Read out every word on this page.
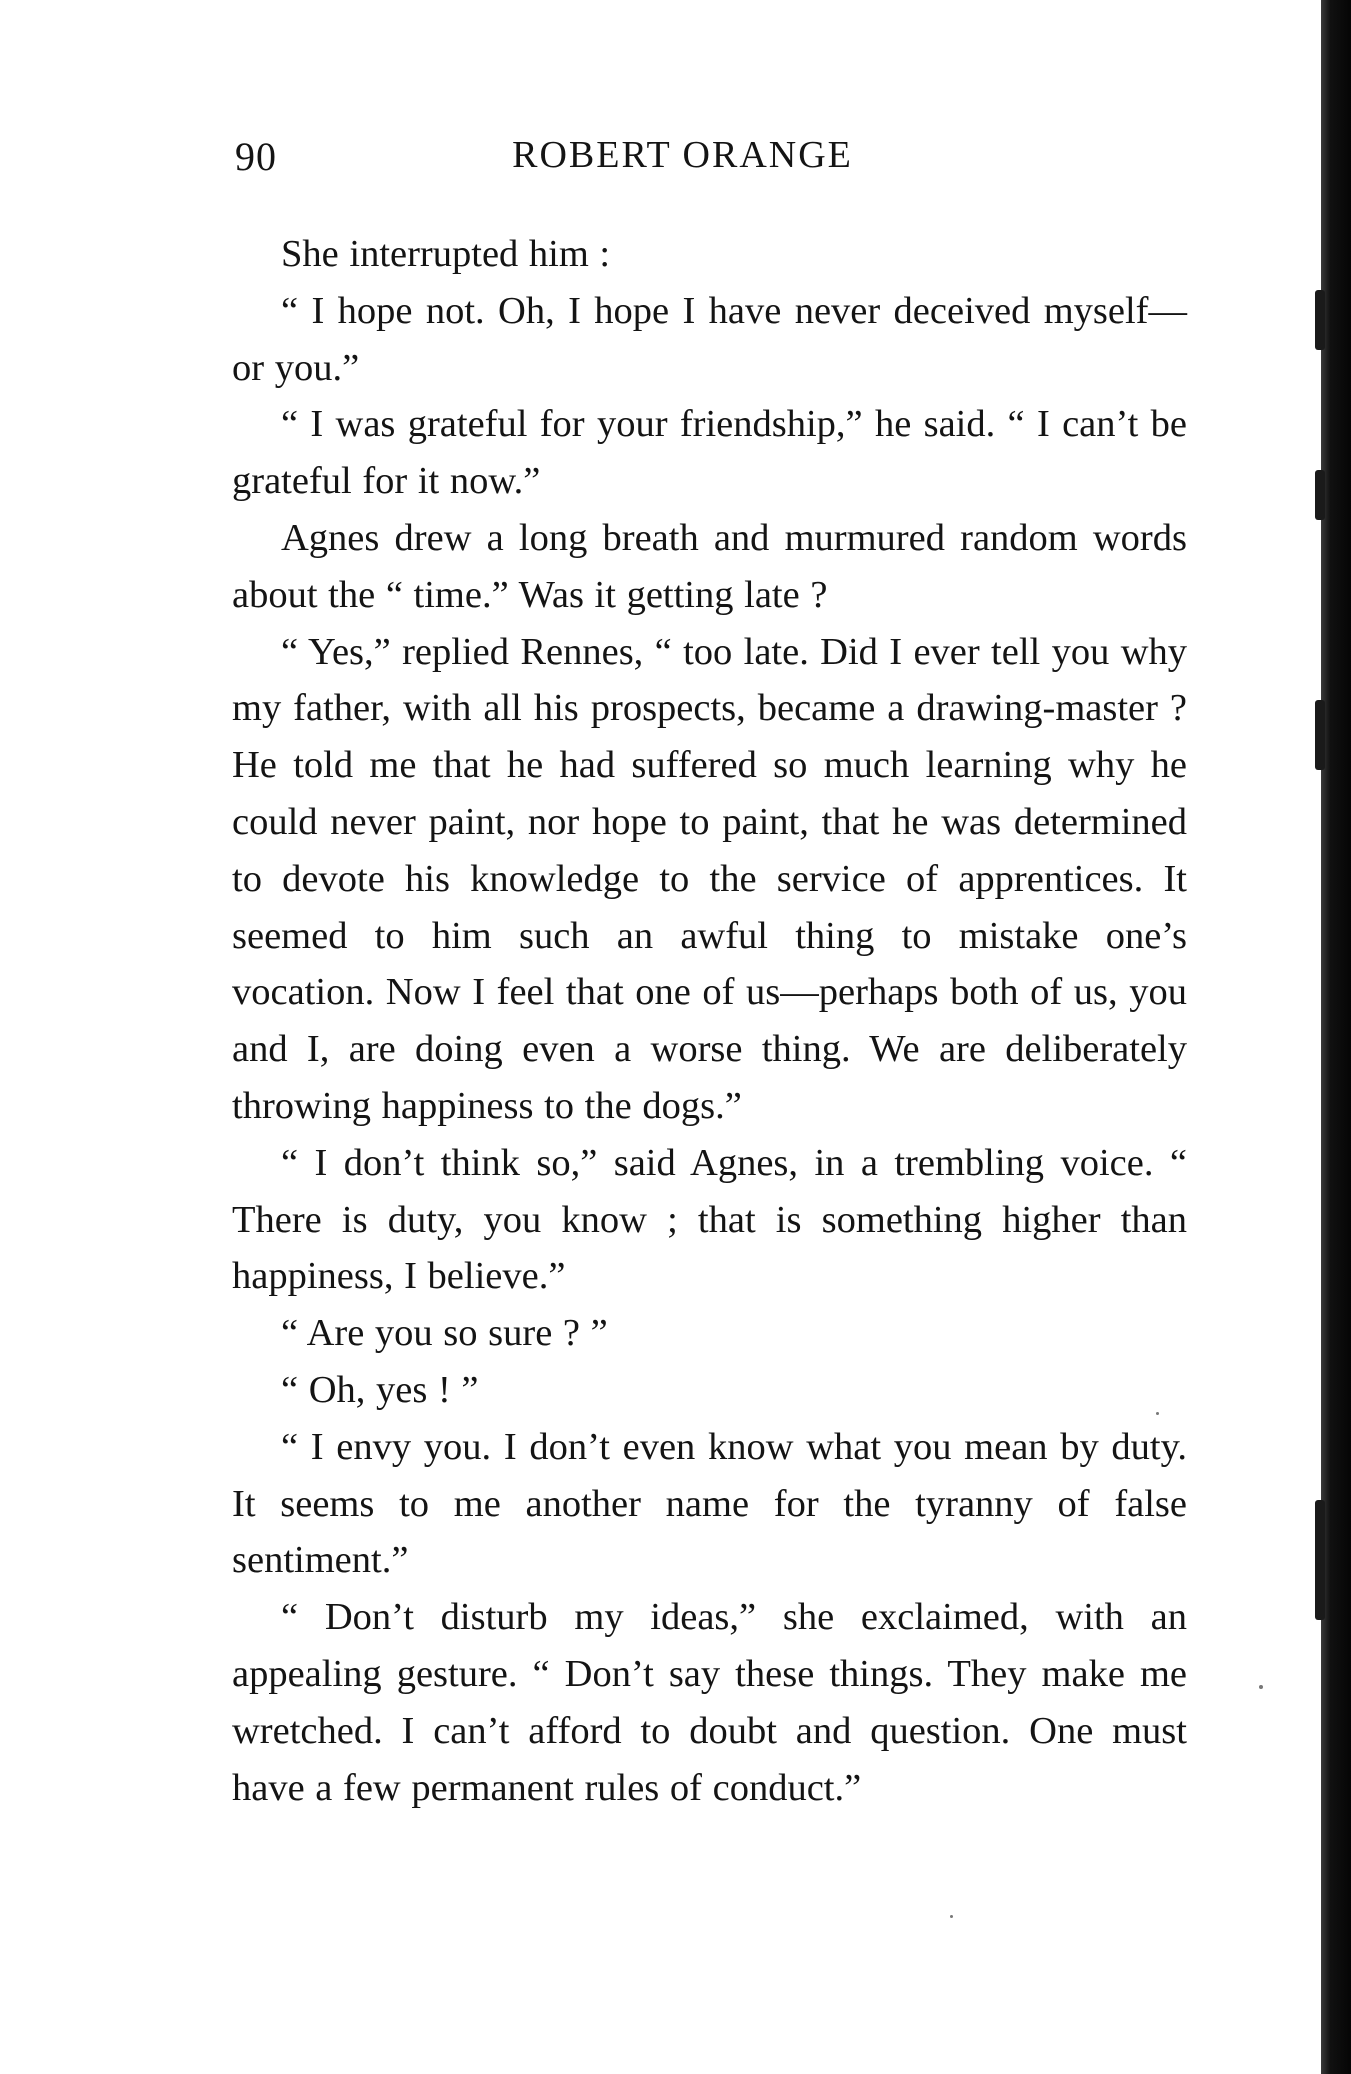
90	ROBERT ORANGE

She interrupted him :

“ I hope not. Oh, I hope I have never deceived myself—or you.”

“ I was grateful for your friendship,” he said. “ I can’t be grateful for it now.”

Agnes drew a long breath and murmured random words about the “ time.” Was it getting late ?

“ Yes,” replied Rennes, “ too late. Did I ever tell you why my father, with all his prospects, became a drawing-master ? He told me that he had suffered so much learning why he could never paint, nor hope to paint, that he was determined to devote his knowledge to the service of apprentices. It seemed to him such an awful thing to mistake one’s vocation. Now I feel that one of us—perhaps both of us, you and I, are doing even a worse thing. We are deliberately throwing happiness to the dogs.”

“ I don’t think so,” said Agnes, in a trembling voice. “ There is duty, you know ; that is something higher than happiness, I believe.”

“ Are you so sure ? ”

“ Oh, yes ! ”

“ I envy you. I don’t even know what you mean by duty. It seems to me another name for the tyranny of false sentiment.”

“ Don’t disturb my ideas,” she exclaimed, with an appealing gesture. “ Don’t say these things. They make me wretched. I can’t afford to doubt and question. One must have a few permanent rules of conduct.”
